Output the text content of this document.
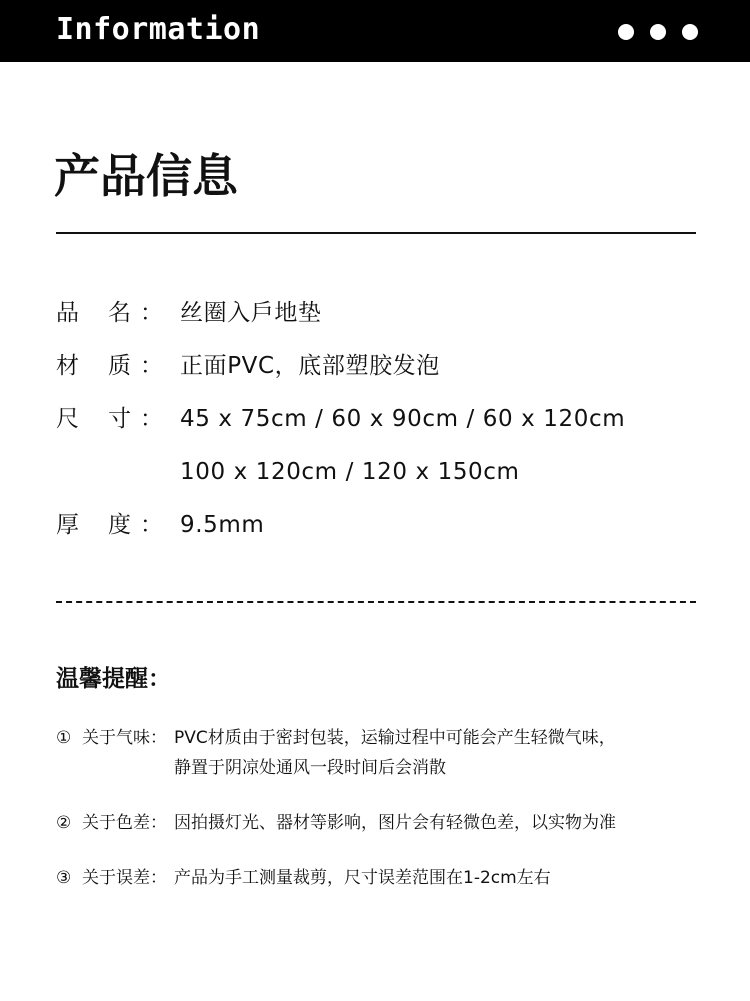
Information
产品信息
品 名 ： 丝圈入戶地垫
材 质 ： 正面PVC，底部塑胶发泡
尺 寸 ： 45 x 75cm / 60 x 90cm / 60 x 120cm
100 x 120cm / 120 x 150cm
厚 度 ： 9.5mm
温馨提醒：
① 关于气味： PVC材质由于密封包装，运输过程中可能会产生轻微气味，
静置于阴凉处通风一段时间后会消散
② 关于色差： 因拍摄灯光、器材等影响，图片会有轻微色差，以实物为准
③ 关于误差： 产品为手工测量裁剪，尺寸误差范围在1-2cm左右
